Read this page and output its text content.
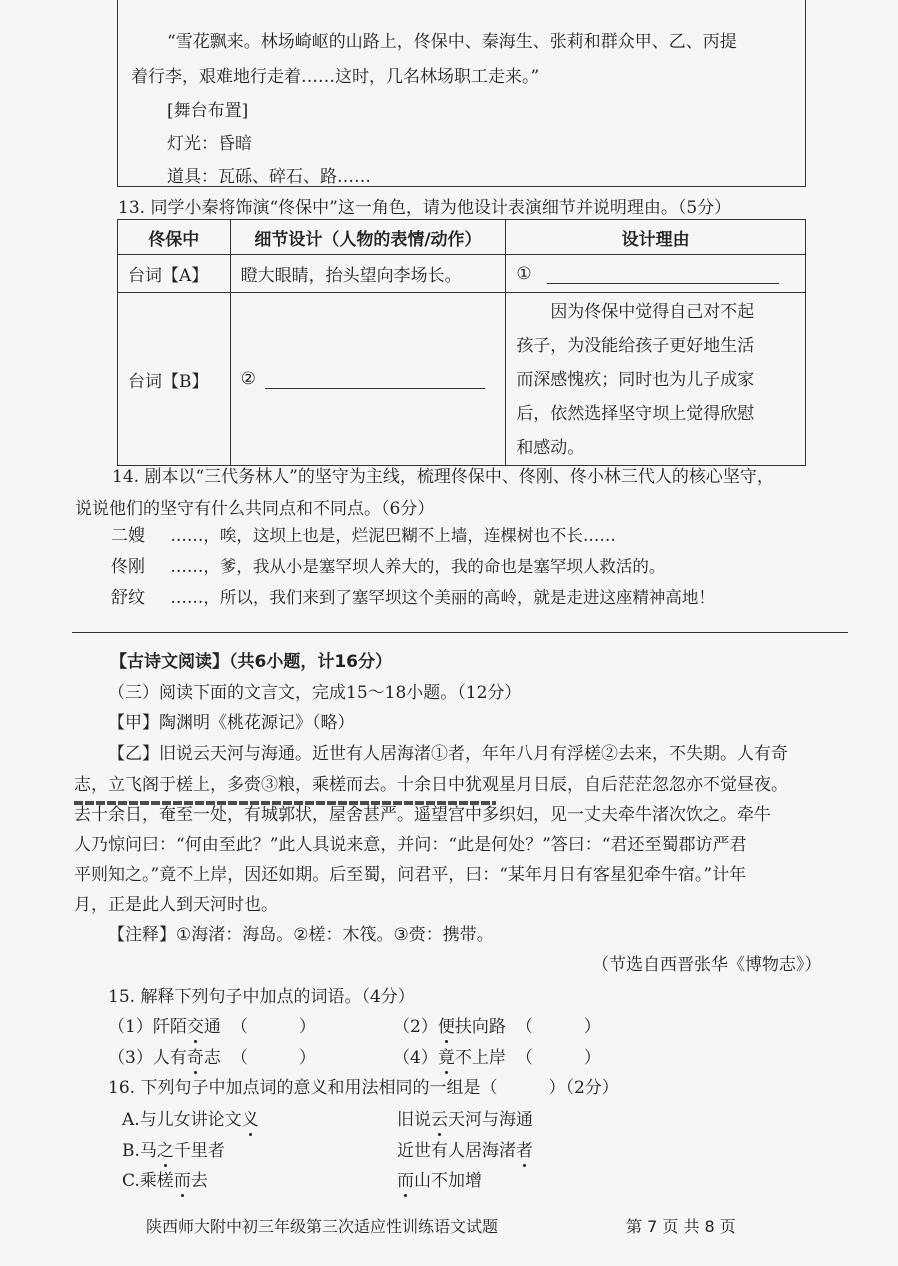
“雪花飘来。林场崎岖的山路上，佟保中、秦海生、张莉和群众甲、乙、丙提
着行李，艰难地行走着……这时，几名林场职工走来。”
[舞台布置]
灯光：昏暗
道具：瓦砾、碎石、路……
13. 同学小秦将饰演“佟保中”这一角色，请为他设计表演细节并说明理由。（5分）
佟保中	细节设计（人物的表情/动作）	设计理由
台词【A】	瞪大眼睛，抬头望向李场长。	①
台词【B】	②	因为佟保中觉得自己对不起
孩子，为没能给孩子更好地生活
而深感愧疚；同时也为儿子成家
后，依然选择坚守坝上觉得欣慰
和感动。
14. 剧本以“三代务林人”的坚守为主线，梳理佟保中、佟刚、佟小林三代人的核心坚守，
说说他们的坚守有什么共同点和不同点。（6分）
二嫂 ……，唉，这坝上也是，烂泥巴糊不上墙，连棵树也不长……
佟刚 ……，爹，我从小是塞罕坝人养大的，我的命也是塞罕坝人救活的。
舒纹 ……，所以，我们来到了塞罕坝这个美丽的高岭，就是走进这座精神高地！
【古诗文阅读】（共6小题，计16分）
（三）阅读下面的文言文，完成15～18小题。（12分）
【甲】陶渊明《桃花源记》（略）
【乙】旧说云天河与海通。近世有人居海渚①者，年年八月有浮槎②去来，不失期。人有奇
志，立飞阁于槎上，多赍③粮，乘槎而去。十余日中犹观星月日辰，自后茫茫忽忽亦不觉昼夜。
去十余日，奄至一处，有城郭状，屋舍甚严。遥望宫中多织妇，见一丈夫牵牛渚次饮之。牵牛
人乃惊问曰：“何由至此？”此人具说来意，并问：“此是何处？”答曰：“君还至蜀郡访严君
平则知之。”竟不上岸，因还如期。后至蜀，问君平，曰：“某年月日有客星犯牵牛宿。”计年
月，正是此人到天河时也。
【注释】①海渚：海岛。②槎：木筏。③赍：携带。
（节选自西晋张华《博物志》）
15. 解释下列句子中加点的词语。（4分）
（1）阡陌交通 （　　　）	（2）便扶向路 （　　　）
（3）人有奇志 （　　　）	（4）竟不上岸 （　　　）
16. 下列句子中加点词的意义和用法相同的一组是（　　　）（2分）
A.与儿女讲论文义	旧说云天河与海通
B.马之千里者	近世有人居海渚者
C.乘槎而去	而山不加增
陕西师大附中初三年级第三次适应性训练语文试题	第 7 页 共 8 页
